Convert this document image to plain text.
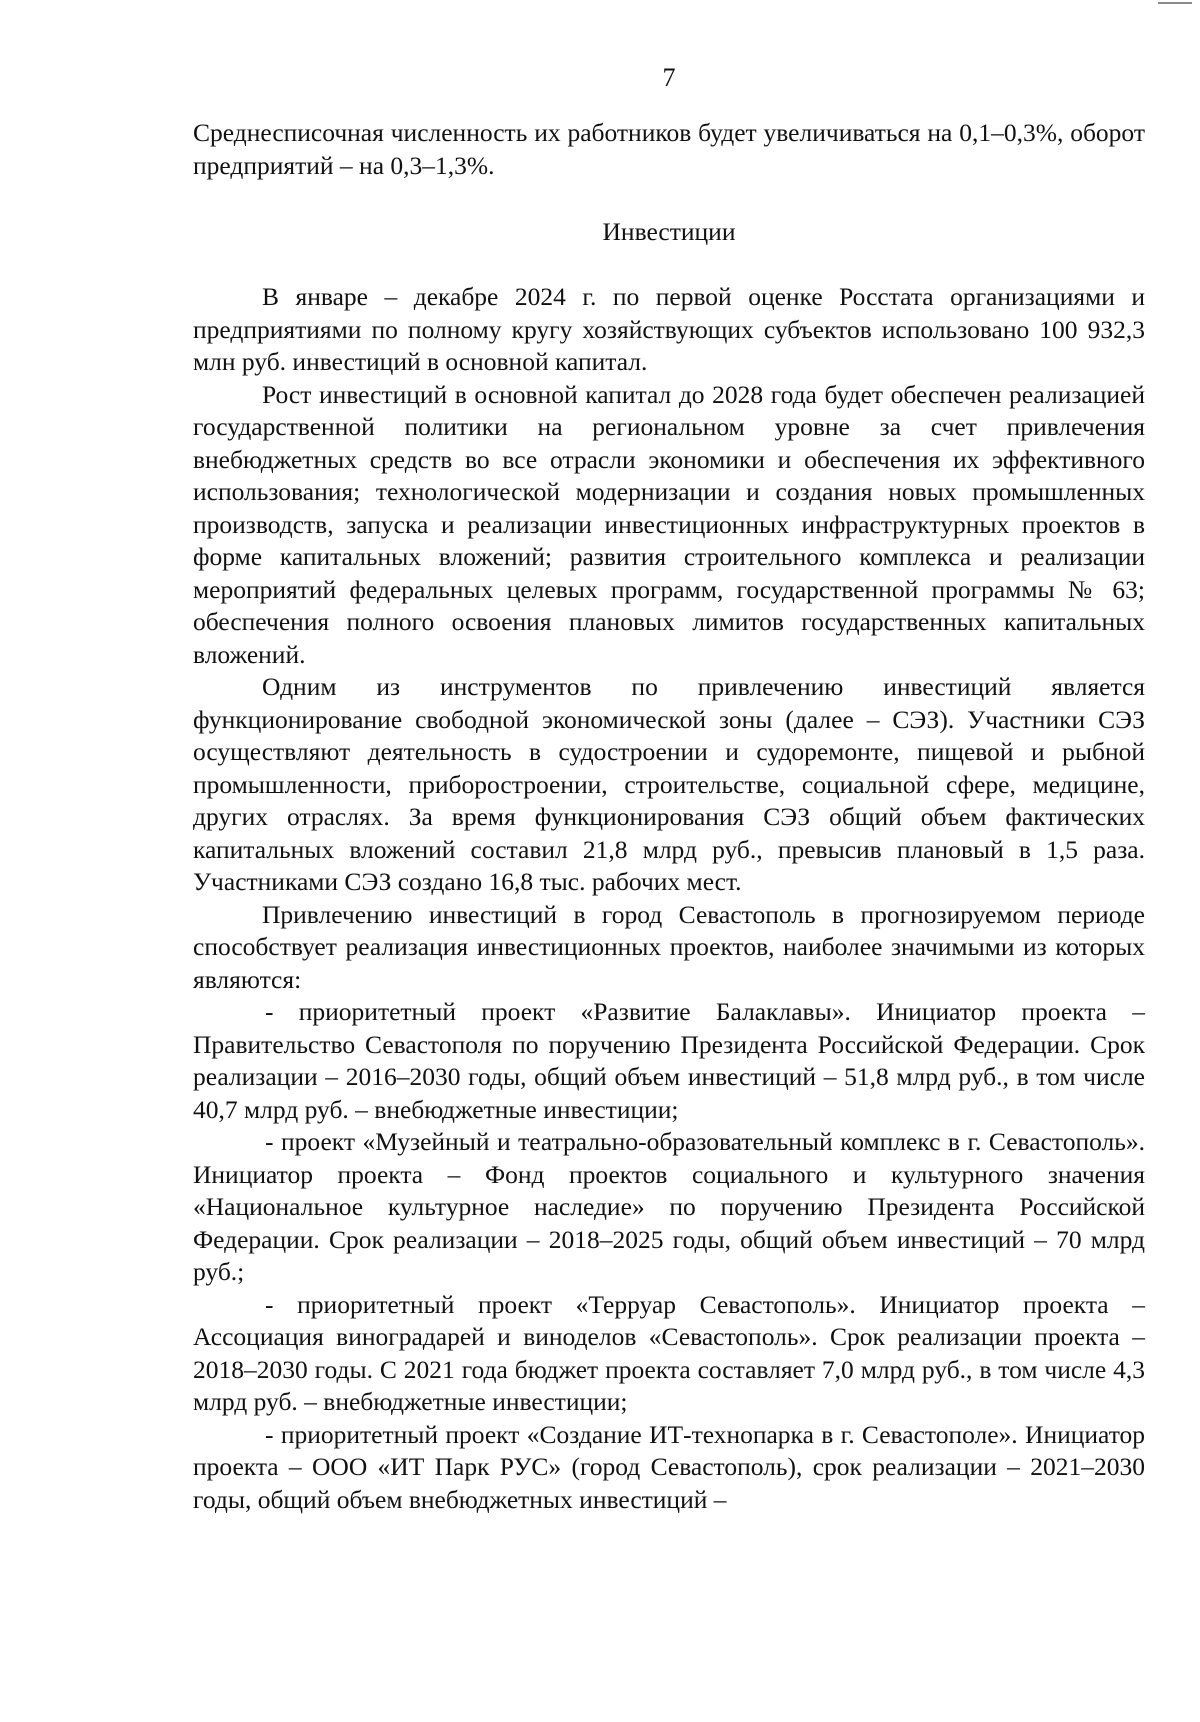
7

Среднесписочная численность их работников будет увеличиваться на 0,1–0,3%, оборот предприятий – на 0,3–1,3%.

Инвестиции

В январе – декабре 2024 г. по первой оценке Росстата организациями и предприятиями по полному кругу хозяйствующих субъектов использовано 100 932,3 млн руб. инвестиций в основной капитал.

Рост инвестиций в основной капитал до 2028 года будет обеспечен реализацией государственной политики на региональном уровне за счет привлечения внебюджетных средств во все отрасли экономики и обеспечения их эффективного использования; технологической модернизации и создания новых промышленных производств, запуска и реализации инвестиционных инфраструктурных проектов в форме капитальных вложений; развития строительного комплекса и реализации мероприятий федеральных целевых программ, государственной программы № 63; обеспечения полного освоения плановых лимитов государственных капитальных вложений.

Одним из инструментов по привлечению инвестиций является функционирование свободной экономической зоны (далее – СЭЗ). Участники СЭЗ осуществляют деятельность в судостроении и судоремонте, пищевой и рыбной промышленности, приборостроении, строительстве, социальной сфере, медицине, других отраслях. За время функционирования СЭЗ общий объем фактических капитальных вложений составил 21,8 млрд руб., превысив плановый в 1,5 раза. Участниками СЭЗ создано 16,8 тыс. рабочих мест.

Привлечению инвестиций в город Севастополь в прогнозируемом периоде способствует реализация инвестиционных проектов, наиболее значимыми из которых являются:

- приоритетный проект «Развитие Балаклавы». Инициатор проекта – Правительство Севастополя по поручению Президента Российской Федерации. Срок реализации – 2016–2030 годы, общий объем инвестиций – 51,8 млрд руб., в том числе 40,7 млрд руб. – внебюджетные инвестиции;

- проект «Музейный и театрально-образовательный комплекс в г. Севастополь». Инициатор проекта – Фонд проектов социального и культурного значения «Национальное культурное наследие» по поручению Президента Российской Федерации. Срок реализации – 2018–2025 годы, общий объем инвестиций – 70 млрд руб.;

- приоритетный проект «Терруар Севастополь». Инициатор проекта – Ассоциация виноградарей и виноделов «Севастополь». Срок реализации проекта – 2018–2030 годы. С 2021 года бюджет проекта составляет 7,0 млрд руб., в том числе 4,3 млрд руб. – внебюджетные инвестиции;

- приоритетный проект «Создание ИТ-технопарка в г. Севастополе». Инициатор проекта – ООО «ИТ Парк РУС» (город Севастополь), срок реализации – 2021–2030 годы, общий объем внебюджетных инвестиций –
